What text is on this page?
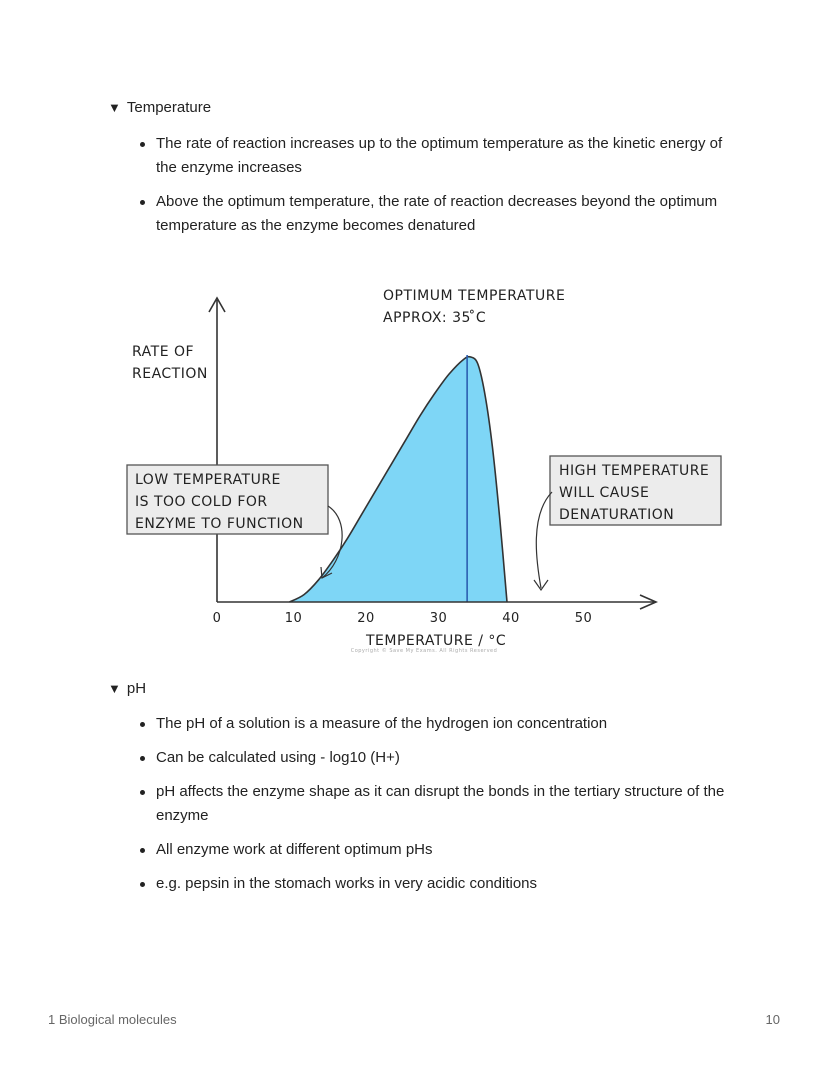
▼ Temperature
The rate of reaction increases up to the optimum temperature as the kinetic energy of the enzyme increases
Above the optimum temperature, the rate of reaction decreases beyond the optimum temperature as the enzyme becomes denatured
0	10	20	30	40	50
RATE OF
REACTION
TEMPERATURE / °C
OPTIMUM TEMPERATURE
APPROX: 35 ̊C
LOW TEMPERATURE
IS TOO COLD FOR
ENZYME TO FUNCTION
HIGH TEMPERATURE
WILL CAUSE
DENATURATION
Copyright © Save My Exams. All Rights Reserved
▼ pH
The pH of a solution is a measure of the hydrogen ion concentration
Can be calculated using - log10 (H+)
pH affects the enzyme shape as it can disrupt the bonds in the tertiary structure of the enzyme
All enzyme work at different optimum pHs
e.g. pepsin in the stomach works in very acidic conditions
1 Biological molecules	10
